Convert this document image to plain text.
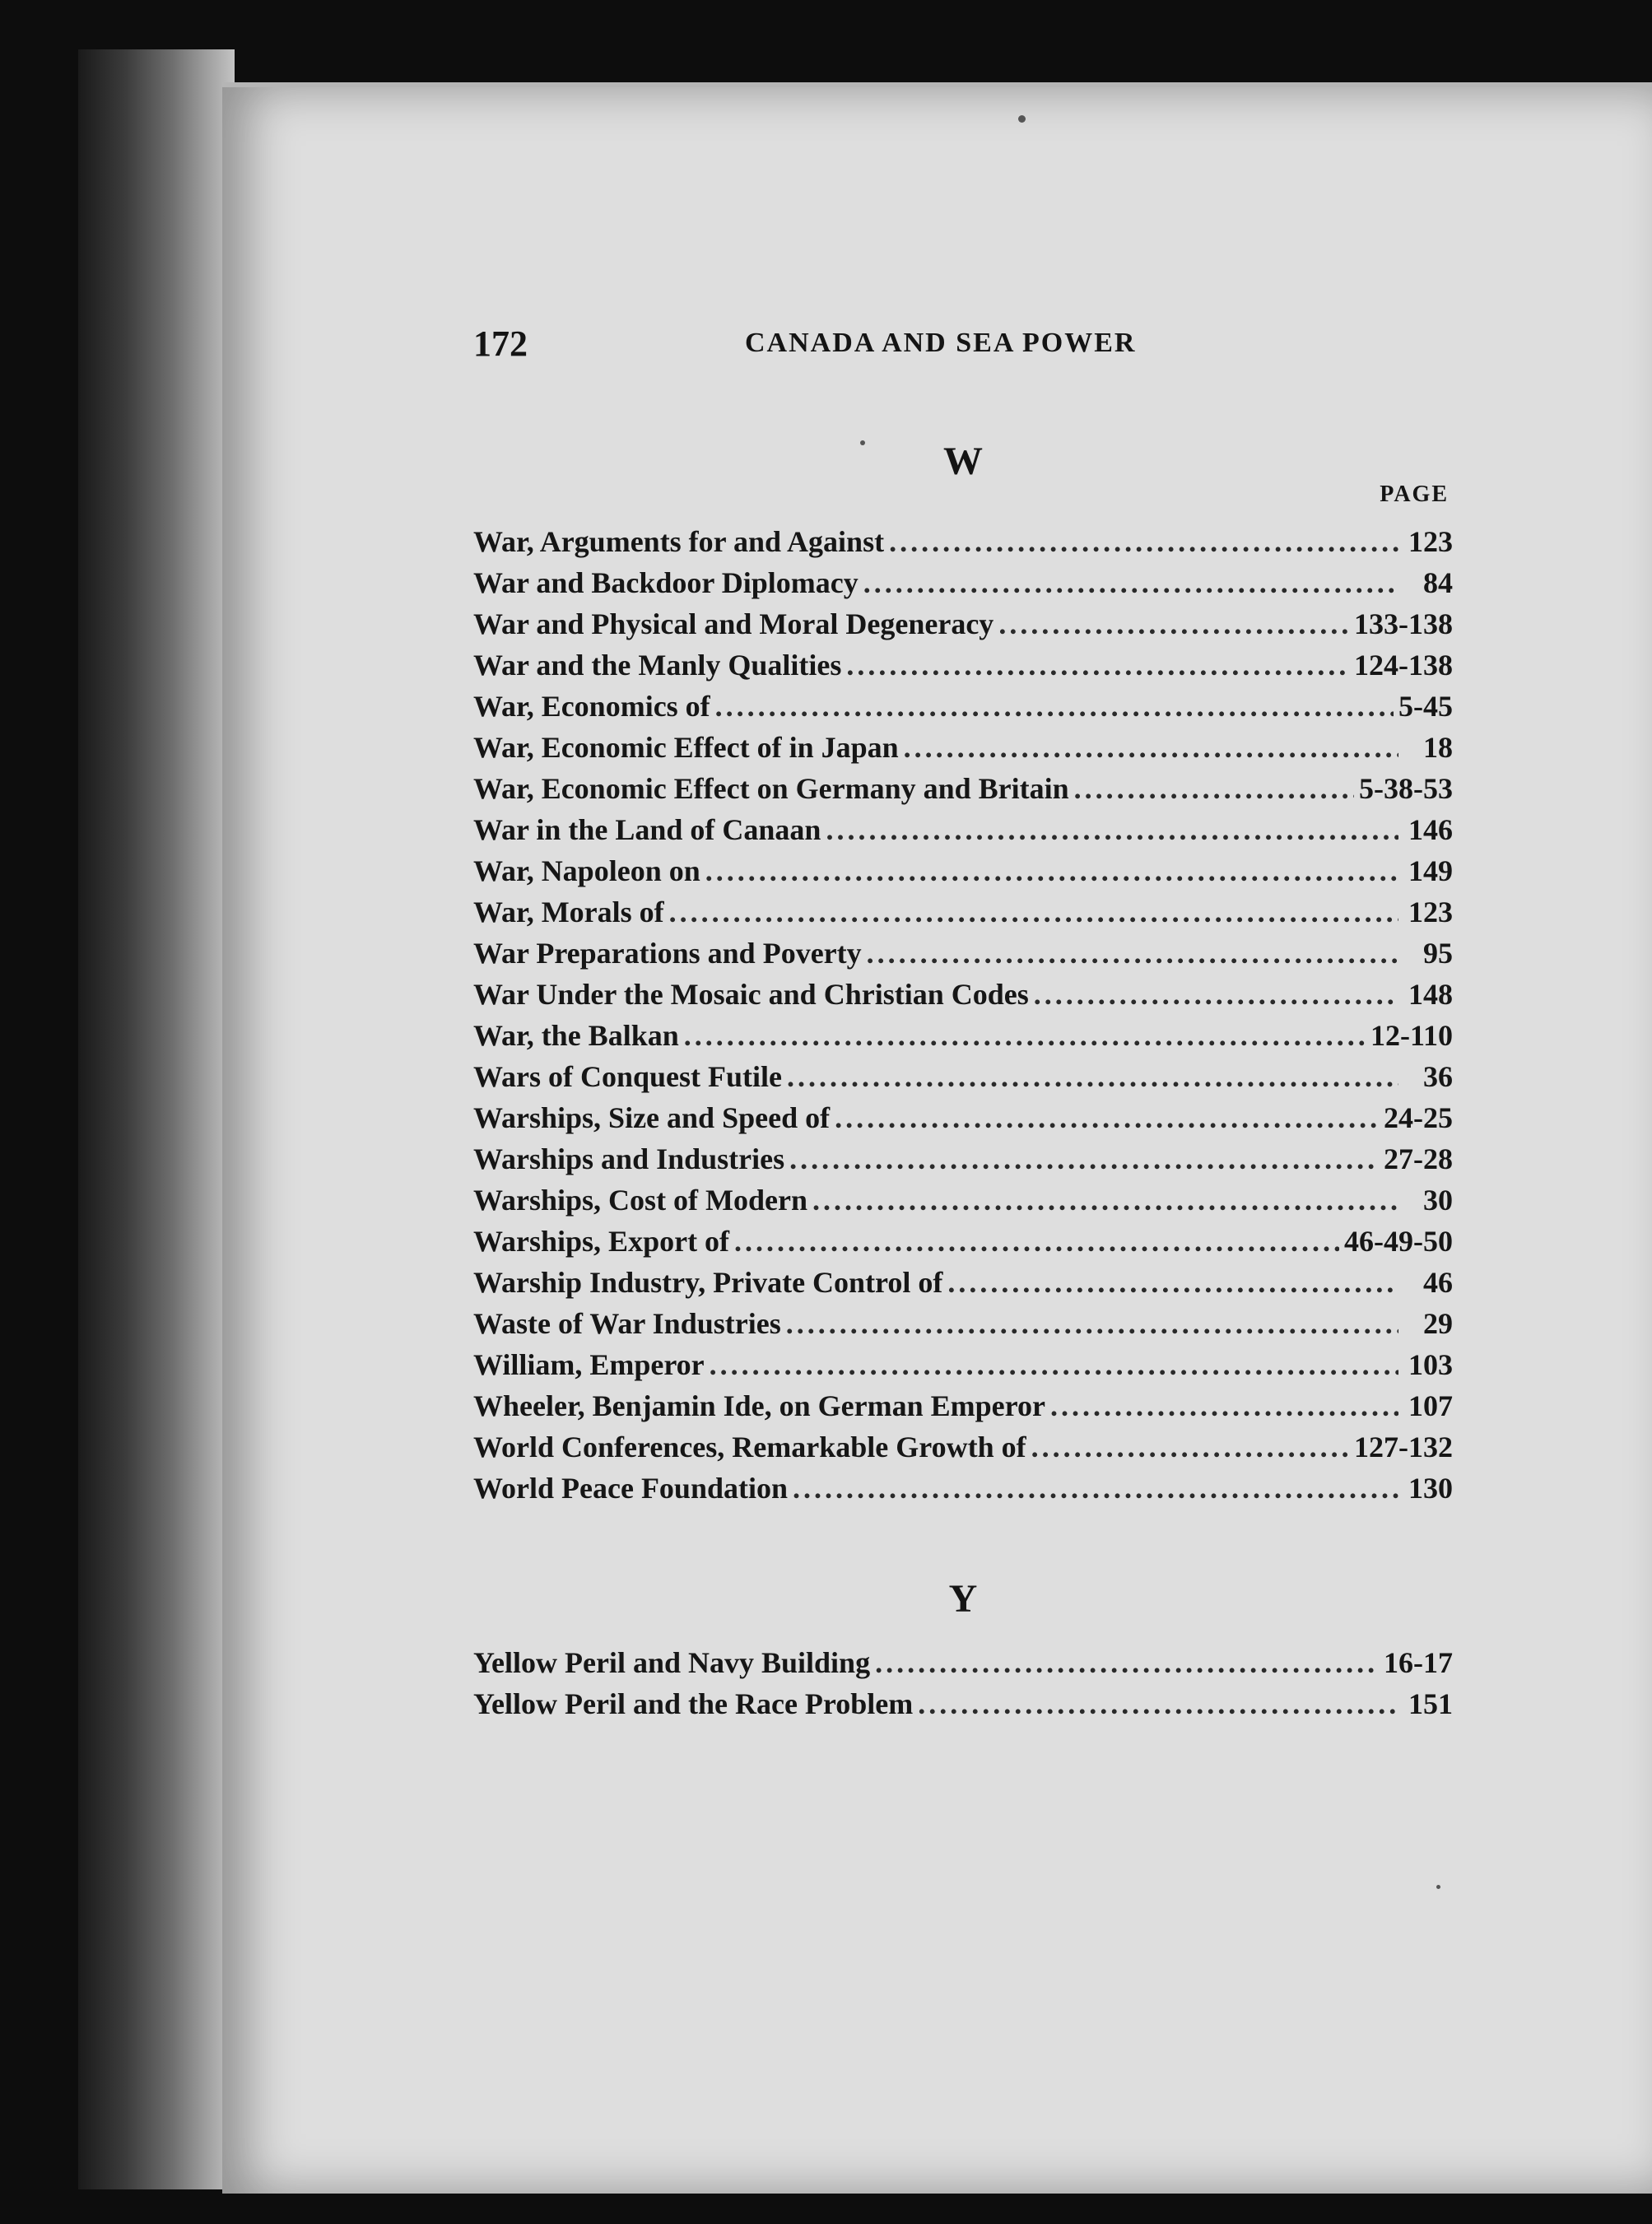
172	CANADA AND SEA POWER
W
PAGE
War, Arguments for and Against .....	123
War and Backdoor Diplomacy .....	84
War and Physical and Moral Degeneracy .....	133-138
War and the Manly Qualities .....	124-138
War, Economics of .....	5-45
War, Economic Effect of in Japan .....	18
War, Economic Effect on Germany and Britain .....	5-38-53
War in the Land of Canaan .....	146
War, Napoleon on .....	149
War, Morals of .....	123
War Preparations and Poverty .....	95
War Under the Mosaic and Christian Codes .....	148
War, the Balkan .....	12-110
Wars of Conquest Futile .....	36
Warships, Size and Speed of .....	24-25
Warships and Industries .....	27-28
Warships, Cost of Modern .....	30
Warships, Export of .....	46-49-50
Warship Industry, Private Control of .....	46
Waste of War Industries .....	29
William, Emperor .....	103
Wheeler, Benjamin Ide, on German Emperor .....	107
World Conferences, Remarkable Growth of .....	127-132
World Peace Foundation .....	130
Y
Yellow Peril and Navy Building .....	16-17
Yellow Peril and the Race Problem .....	151
